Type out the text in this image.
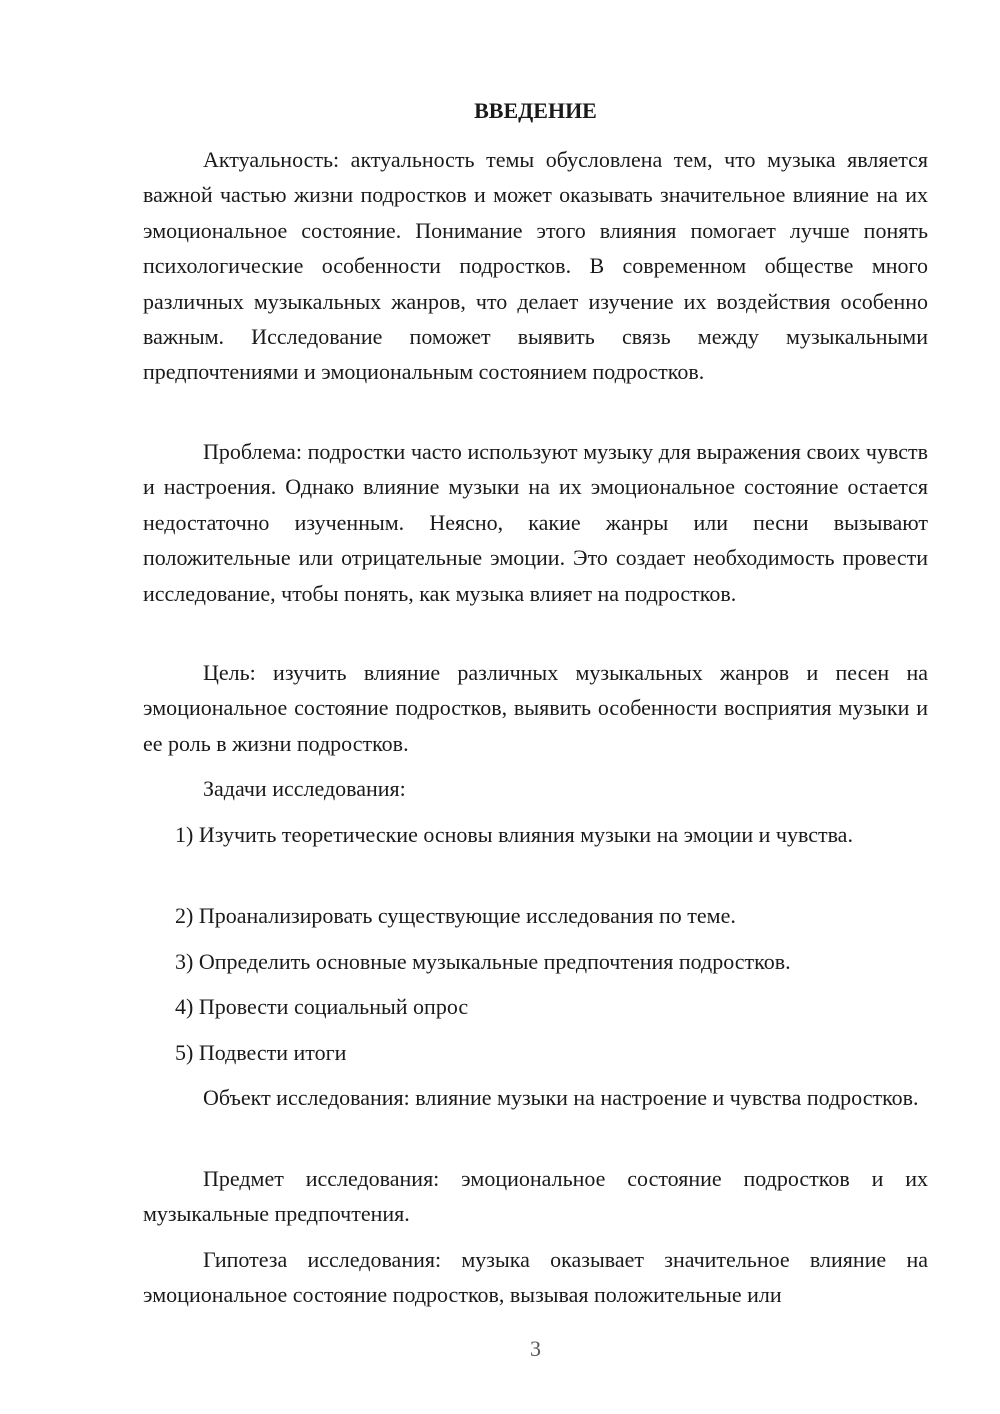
ВВЕДЕНИЕ

Актуальность: актуальность темы обусловлена тем, что музыка является важной частью жизни подростков и может оказывать значительное влияние на их эмоциональное состояние. Понимание этого влияния помогает лучше понять психологические особенности подростков. В современном обществе много различных музыкальных жанров, что делает изучение их воздействия особенно важным. Исследование поможет выявить связь между музыкальными предпочтениями и эмоциональным состоянием подростков.

Проблема: подростки часто используют музыку для выражения своих чувств и настроения. Однако влияние музыки на их эмоциональное состояние остается недостаточно изученным. Неясно, какие жанры или песни вызывают положительные или отрицательные эмоции. Это создает необходимость провести исследование, чтобы понять, как музыка влияет на подростков.

Цель: изучить влияние различных музыкальных жанров и песен на эмоциональное состояние подростков, выявить особенности восприятия музыки и ее роль в жизни подростков.

Задачи исследования:

1) Изучить теоретические основы влияния музыки на эмоции и чувства.

2) Проанализировать существующие исследования по теме.

3) Определить основные музыкальные предпочтения подростков.

4) Провести социальный опрос

5) Подвести итоги

Объект исследования: влияние музыки на настроение и чувства подростков.

Предмет исследования: эмоциональное состояние подростков и их музыкальные предпочтения.

Гипотеза исследования: музыка оказывает значительное влияние на эмоциональное состояние подростков, вызывая положительные или

3
